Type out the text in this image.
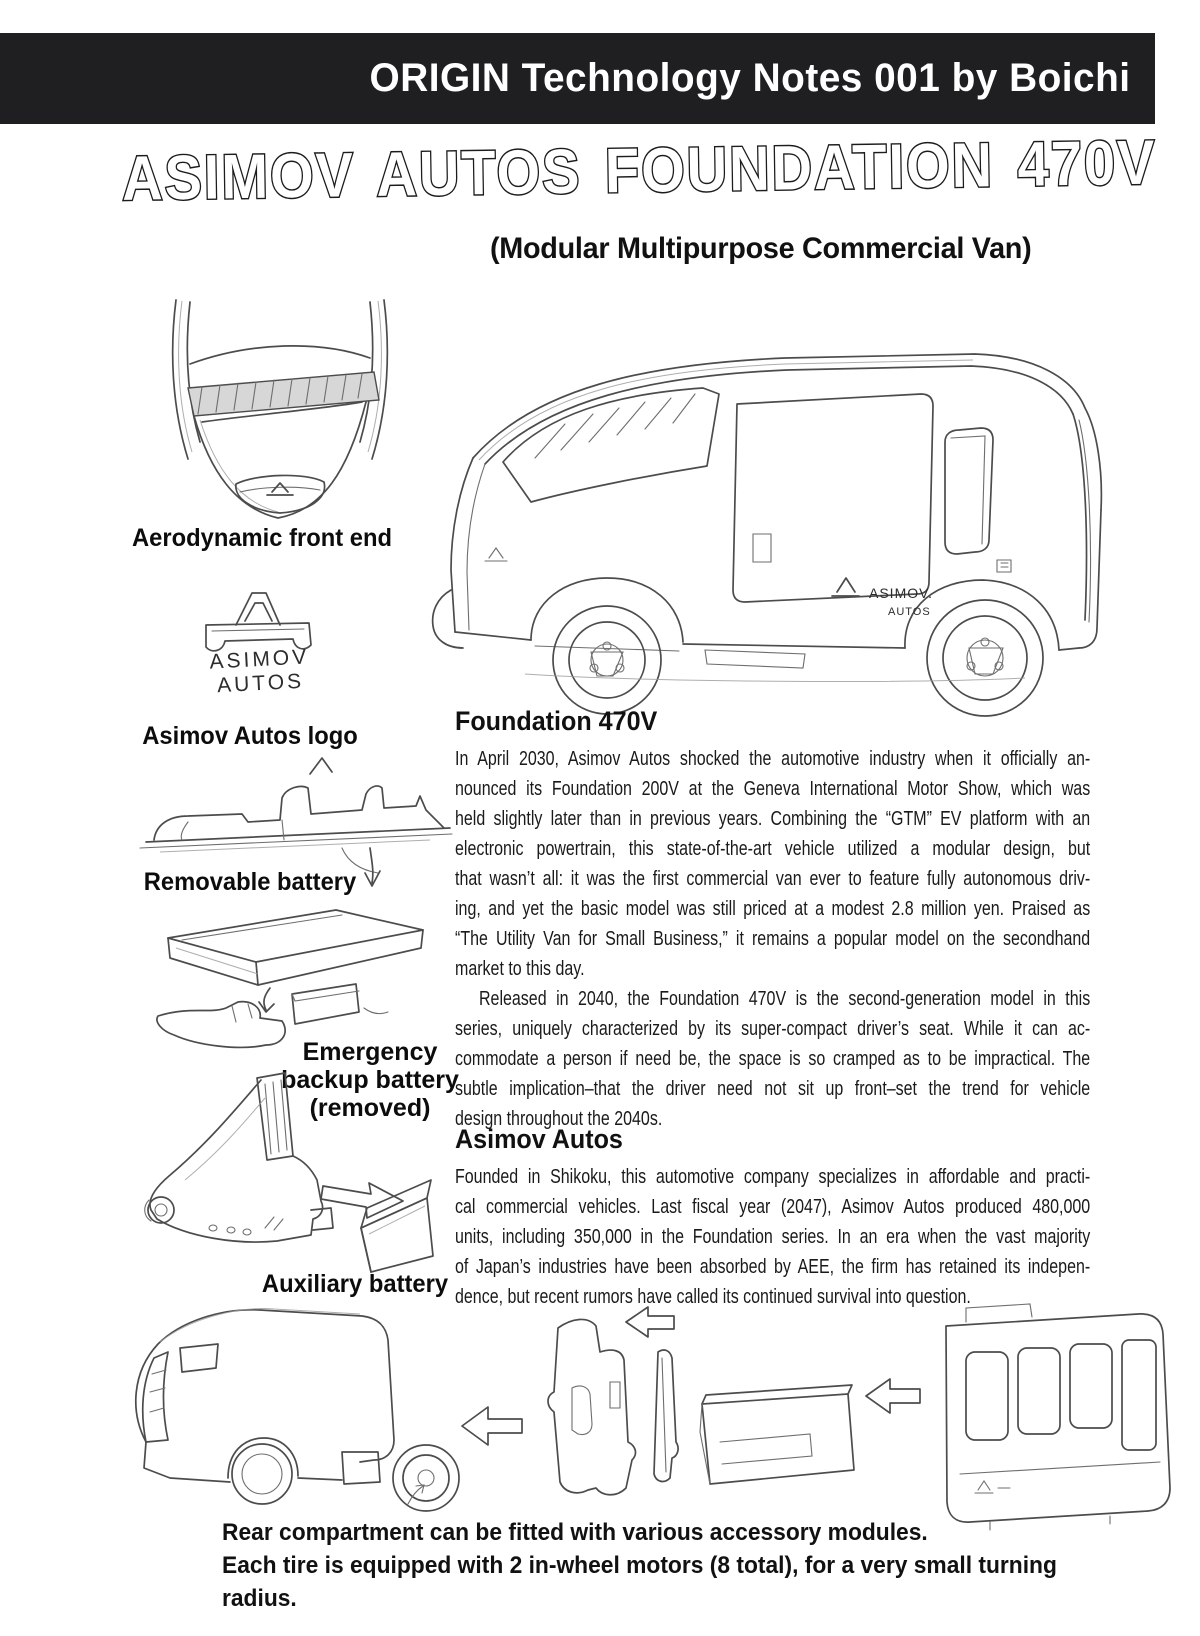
ORIGIN Technology Notes 001 by Boichi
ASIMOV AUTOS FOUNDATION 470V
(Modular Multipurpose Commercial Van)
Aerodynamic front end
ASIMOV
AUTOS
Asimov Autos logo
Removable battery
Emergency
backup battery
(removed)
Auxiliary battery
ASIMOV.
AUTOS
Foundation 470V
In April 2030, Asimov Autos shocked the automotive industry when it officially an-
nounced its Foundation 200V at the Geneva International Motor Show, which was
held slightly later than in previous years. Combining the “GTM” EV platform with an
electronic powertrain, this state-of-the-art vehicle utilized a modular design, but
that wasn’t all: it was the first commercial van ever to feature fully autonomous driv-
ing, and yet the basic model was still priced at a modest 2.8 million yen. Praised as
“The Utility Van for Small Business,” it remains a popular model on the secondhand
market to this day.
Released in 2040, the Foundation 470V is the second-generation model in this
series, uniquely characterized by its super-compact driver’s seat. While it can ac-
commodate a person if need be, the space is so cramped as to be impractical. The
subtle implication–that the driver need not sit up front–set the trend for vehicle
design throughout the 2040s.
Asimov Autos
Founded in Shikoku, this automotive company specializes in affordable and practi-
cal commercial vehicles. Last fiscal year (2047), Asimov Autos produced 480,000
units, including 350,000 in the Foundation series. In an era when the vast majority
of Japan’s industries have been absorbed by AEE, the firm has retained its indepen-
dence, but recent rumors have called its continued survival into question.
Rear compartment can be fitted with various accessory modules.
Each tire is equipped with 2 in-wheel motors (8 total), for a very small turning radius.
